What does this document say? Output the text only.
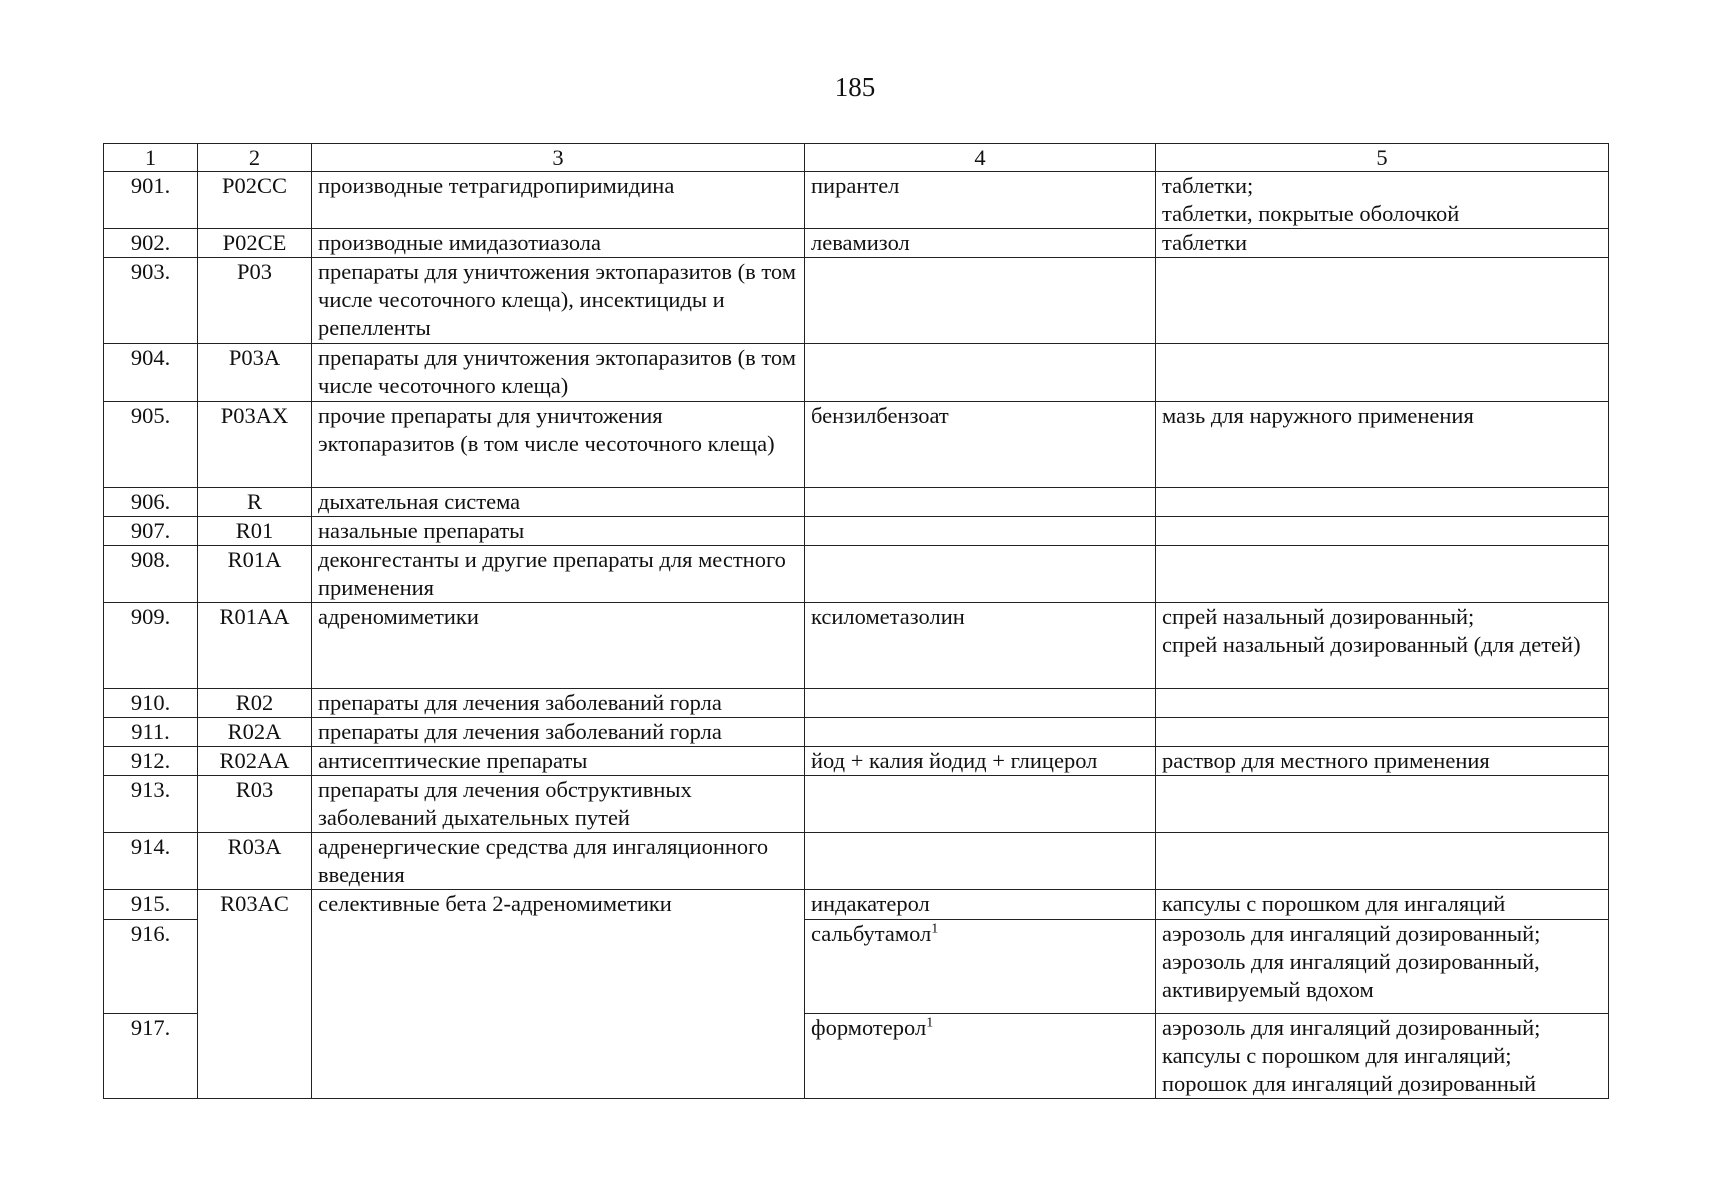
185
1	2	3	4	5
901.	P02CC	производные тетрагидропиримидина	пирантел	таблетки;
таблетки, покрытые оболочкой

902.	P02CE	производные имидазотиазола	левамизол	таблетки

903.	P03	препараты для уничтожения эктопаразитов (в том числе чесоточного клеща), инсектициды и репелленты		
904.	P03A	препараты для уничтожения эктопаразитов (в том числе чесоточного клеща)		
905.	P03AX	прочие препараты для уничтожения эктопаразитов (в том числе чесоточного клеща)	бензилбензоат	мазь для наружного применения

906.	R	дыхательная система		
907.	R01	назальные препараты		
908.	R01A	деконгестанты и другие препараты для местного применения		
909.	R01AA	адреномиметики	ксилометазолин	спрей назальный дозированный;
спрей назальный дозированный (для детей)

910.	R02	препараты для лечения заболеваний горла		
911.	R02A	препараты для лечения заболеваний горла		
912.	R02AA	антисептические препараты	йод + калия йодид + глицерол	раствор для местного применения

913.	R03	препараты для лечения обструктивных заболеваний дыхательных путей		
914.	R03A	адренергические средства для ингаляционного введения		
915.	R03AC	селективные бета 2-адреномиметики	индакатерол	капсулы с порошком для ингаляций

916.			сальбутамол$^1$	аэрозоль для ингаляций дозированный;
аэрозоль для ингаляций дозированный, активируемый вдохом

917.			формотерол$^1$	аэрозоль для ингаляций дозированный;
капсулы с порошком для ингаляций;
порошок для ингаляций дозированный
